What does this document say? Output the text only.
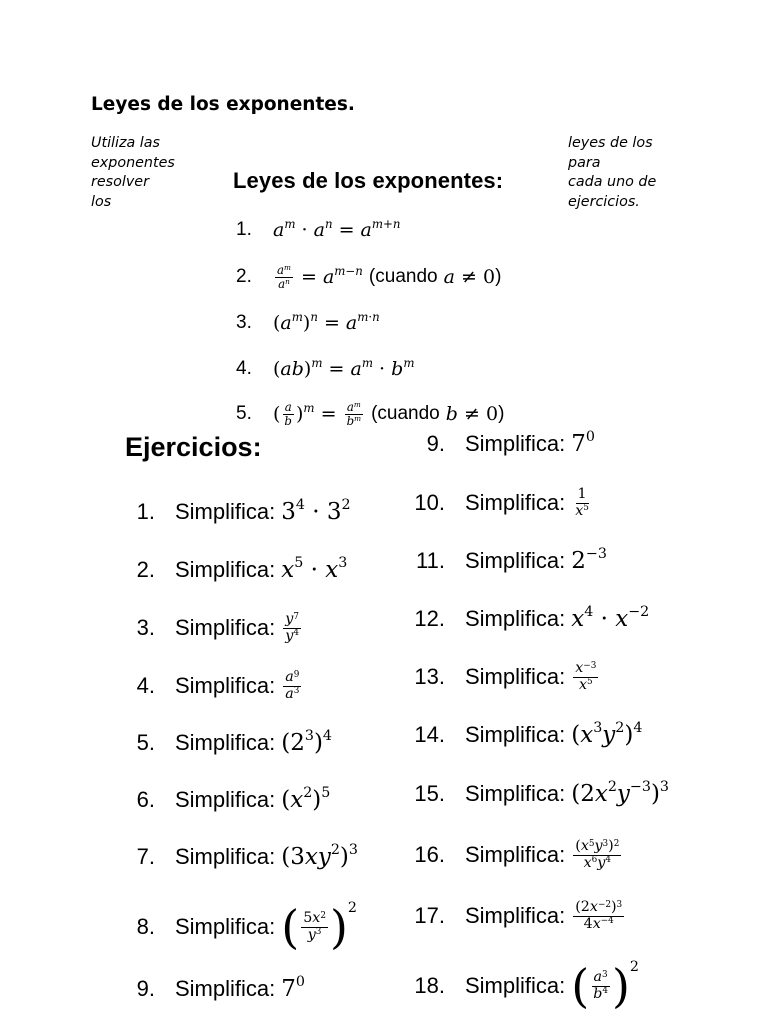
Leyes de los exponentes.
Utiliza las
exponentes
resolver
los
leyes de los
para
cada uno de
ejercicios.
Leyes de los exponentes:
1.	a $^m$ · a $^n$ = a $^{m+n}$
2.	$\frac{a^m}{a^n} = a$ $^{m-n}$
(cuando
a ≠ 0 )
3.	( a $^m$ ) $^n$ = a $^{m\cdot n}$
4.	( ab ) $^m$ = a $^m$ · b $^m$
5.	( $\frac{a}{b}$ ) $^m = \frac{a^m}{b^m}$
(cuando
b ≠ 0 )
Ejercicios:
1. Simplifica: $3^4 \cdot 3^2$
2. Simplifica: $x^5 \cdot x^3$
3. Simplifica: $\frac{y^7}{y^4}$
4. Simplifica: $\frac{a^9}{a^3}$
5. Simplifica: ($2^3$ )$^4$
6. Simplifica: ( $x^2$ )$^5$
7. Simplifica: (3 $xy^2$ )$^3$
8. Simplifica: ( $\frac{5x^2}{y^3} )^2$
9. Simplifica: $7^0$
9. Simplifica: $7^0$
10. Simplifica: $\frac{1}{x^5}$
11. Simplifica: $2^{-3}$
12. Simplifica: $x^4 \cdot x^{-2}$
13. Simplifica: $\frac{x^{-3}}{x^5}$
14. Simplifica: ( $x^3$ $y^2$ )$^4$
15. Simplifica: (2 $x^2$ $y^{-3}$ )$^3$
16. Simplifica: $\frac{(x^5y^3)^2}{x^6y^4}$
17. Simplifica: $\frac{(2x^{-2})^3}{4x^{-4}}$
18. Simplifica: ( $\frac{a^3}{b^4} )^2$
